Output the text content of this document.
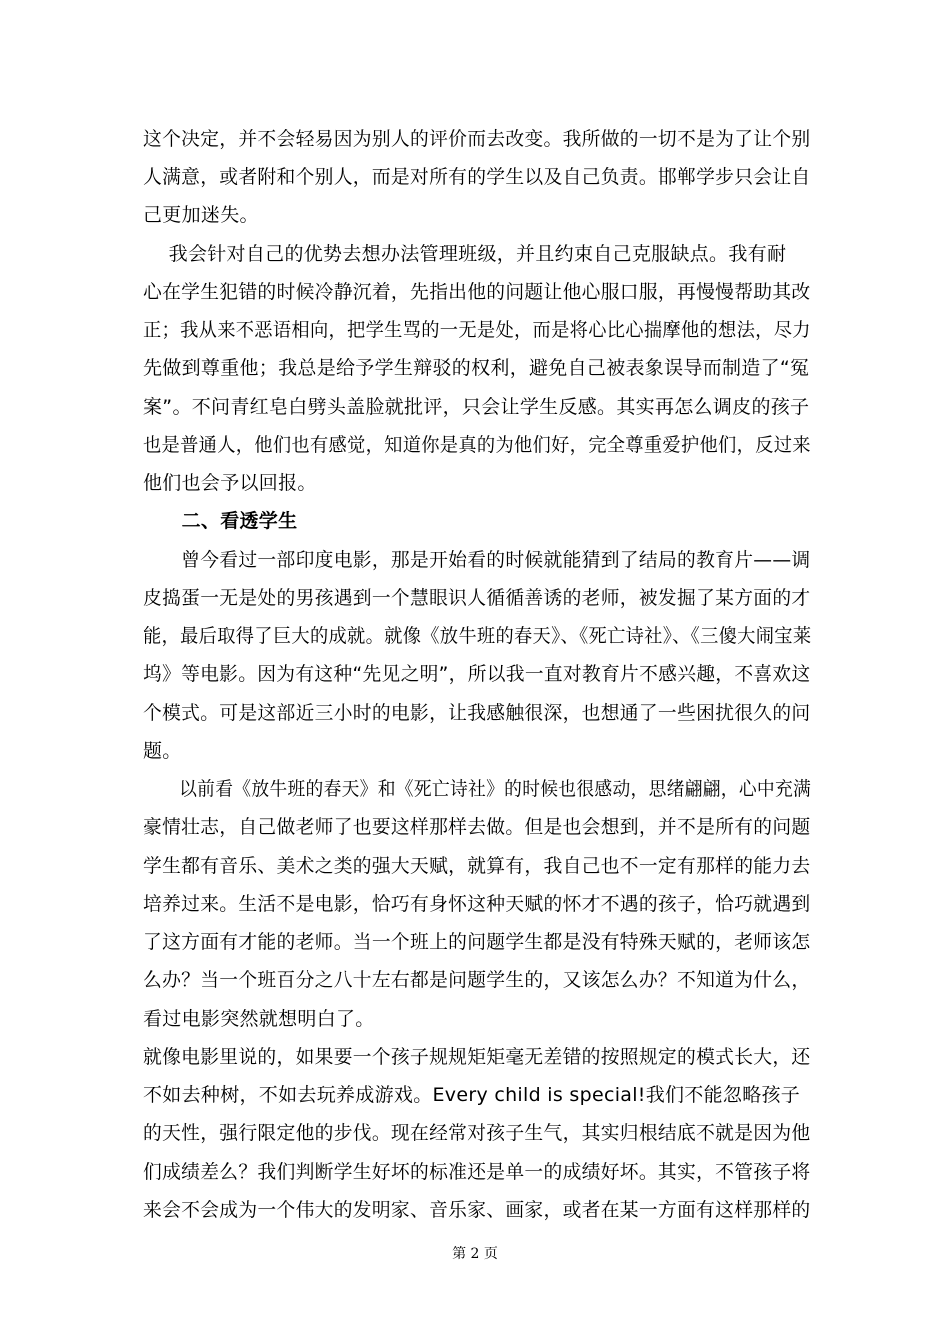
这个决定，并不会轻易因为别人的评价而去改变。我所做的一切不是为了让个别
人满意，或者附和个别人，而是对所有的学生以及自己负责。邯郸学步只会让自
己更加迷失。
　 我会针对自己的优势去想办法管理班级，并且约束自己克服缺点。我有耐
心在学生犯错的时候冷静沉着，先指出他的问题让他心服口服，再慢慢帮助其改
正；我从来不恶语相向，把学生骂的一无是处，而是将心比心揣摩他的想法，尽力
先做到尊重他；我总是给予学生辩驳的权利，避免自己被表象误导而制造了“冤
案”。不问青红皂白劈头盖脸就批评，只会让学生反感。其实再怎么调皮的孩子
也是普通人，他们也有感觉，知道你是真的为他们好，完全尊重爱护他们，反过来
他们也会予以回报。
　　二、看透学生
　　曾今看过一部印度电影，那是开始看的时候就能猜到了结局的教育片——调
皮捣蛋一无是处的男孩遇到一个慧眼识人循循善诱的老师，被发掘了某方面的才
能，最后取得了巨大的成就。就像《放牛班的春天》、《死亡诗社》、《三傻大闹宝莱
坞》等电影。因为有这种“先见之明”，所以我一直对教育片不感兴趣，不喜欢这
个模式。可是这部近三小时的电影，让我感触很深，也想通了一些困扰很久的问
题。
　　以前看《放牛班的春天》和《死亡诗社》的时候也很感动，思绪翩翩，心中充满
豪情壮志，自己做老师了也要这样那样去做。但是也会想到，并不是所有的问题
学生都有音乐、美术之类的强大天赋，就算有，我自己也不一定有那样的能力去
培养过来。生活不是电影，恰巧有身怀这种天赋的怀才不遇的孩子，恰巧就遇到
了这方面有才能的老师。当一个班上的问题学生都是没有特殊天赋的，老师该怎
么办？当一个班百分之八十左右都是问题学生的，又该怎么办？不知道为什么，
看过电影突然就想明白了。
就像电影里说的，如果要一个孩子规规矩矩毫无差错的按照规定的模式长大，还
不如去种树，不如去玩养成游戏。Every child is special!我们不能忽略孩子
的天性，强行限定他的步伐。现在经常对孩子生气，其实归根结底不就是因为他
们成绩差么？我们判断学生好坏的标准还是单一的成绩好坏。其实，不管孩子将
来会不会成为一个伟大的发明家、音乐家、画家，或者在某一方面有这样那样的
第 2 页
